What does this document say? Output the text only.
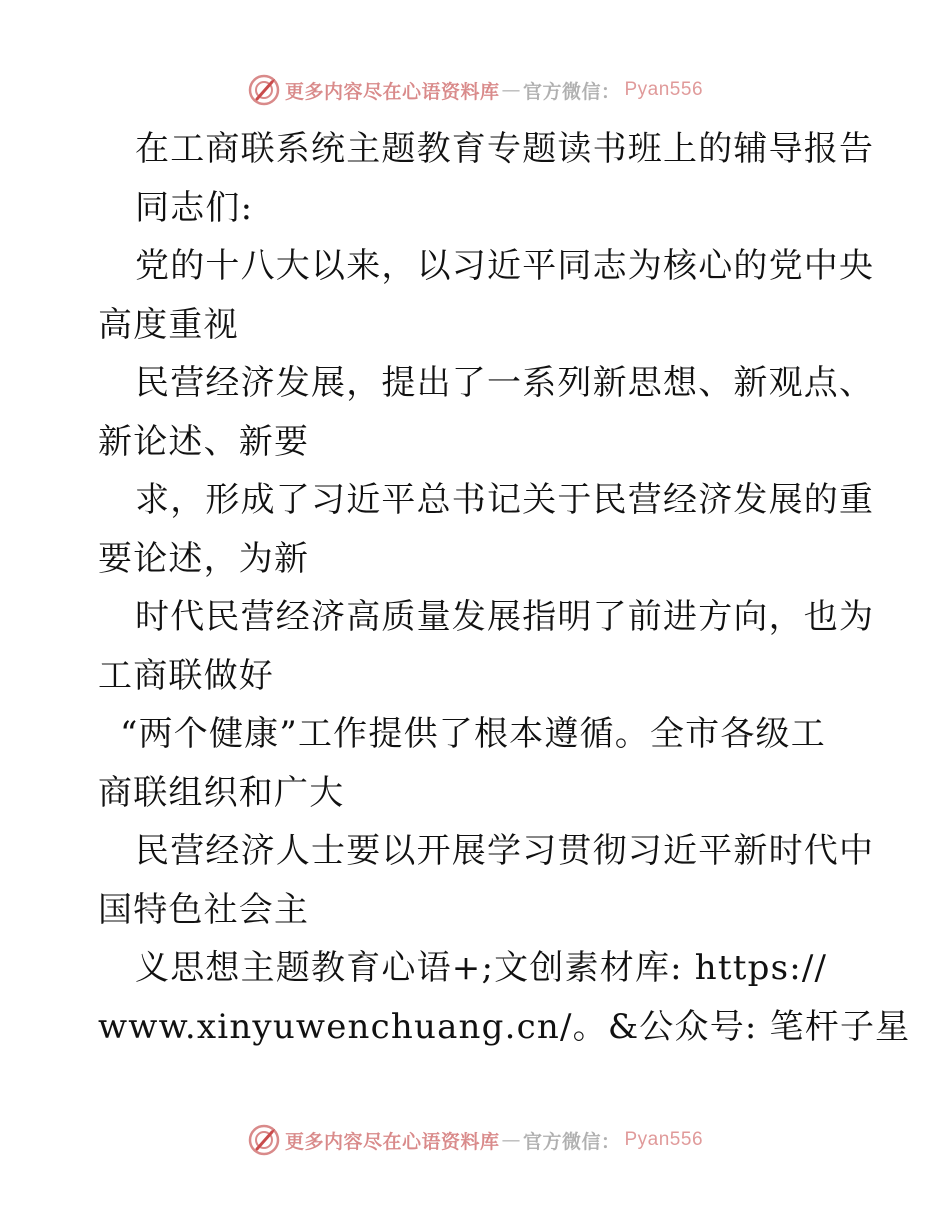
更多内容尽在心语资料库 — 官方微信： Pyan556
在工商联系统主题教育专题读书班上的辅导报告
同志们:
党的十八大以来，以习近平同志为核心的党中央
高度重视
民营经济发展，提出了一系列新思想、新观点、
新论述、新要
求，形成了习近平总书记关于民营经济发展的重
要论述，为新
时代民营经济高质量发展指明了前进方向，也为
工商联做好
“两个健康”工作提供了根本遵循。全市各级工
商联组织和广大
民营经济人士要以开展学习贯彻习近平新时代中
国特色社会主
义思想主题教育心语+;文创素材库: https://
www.xinyuwenchuang.cn/。&公众号: 笔杆子星
更多内容尽在心语资料库 — 官方微信： Pyan556
